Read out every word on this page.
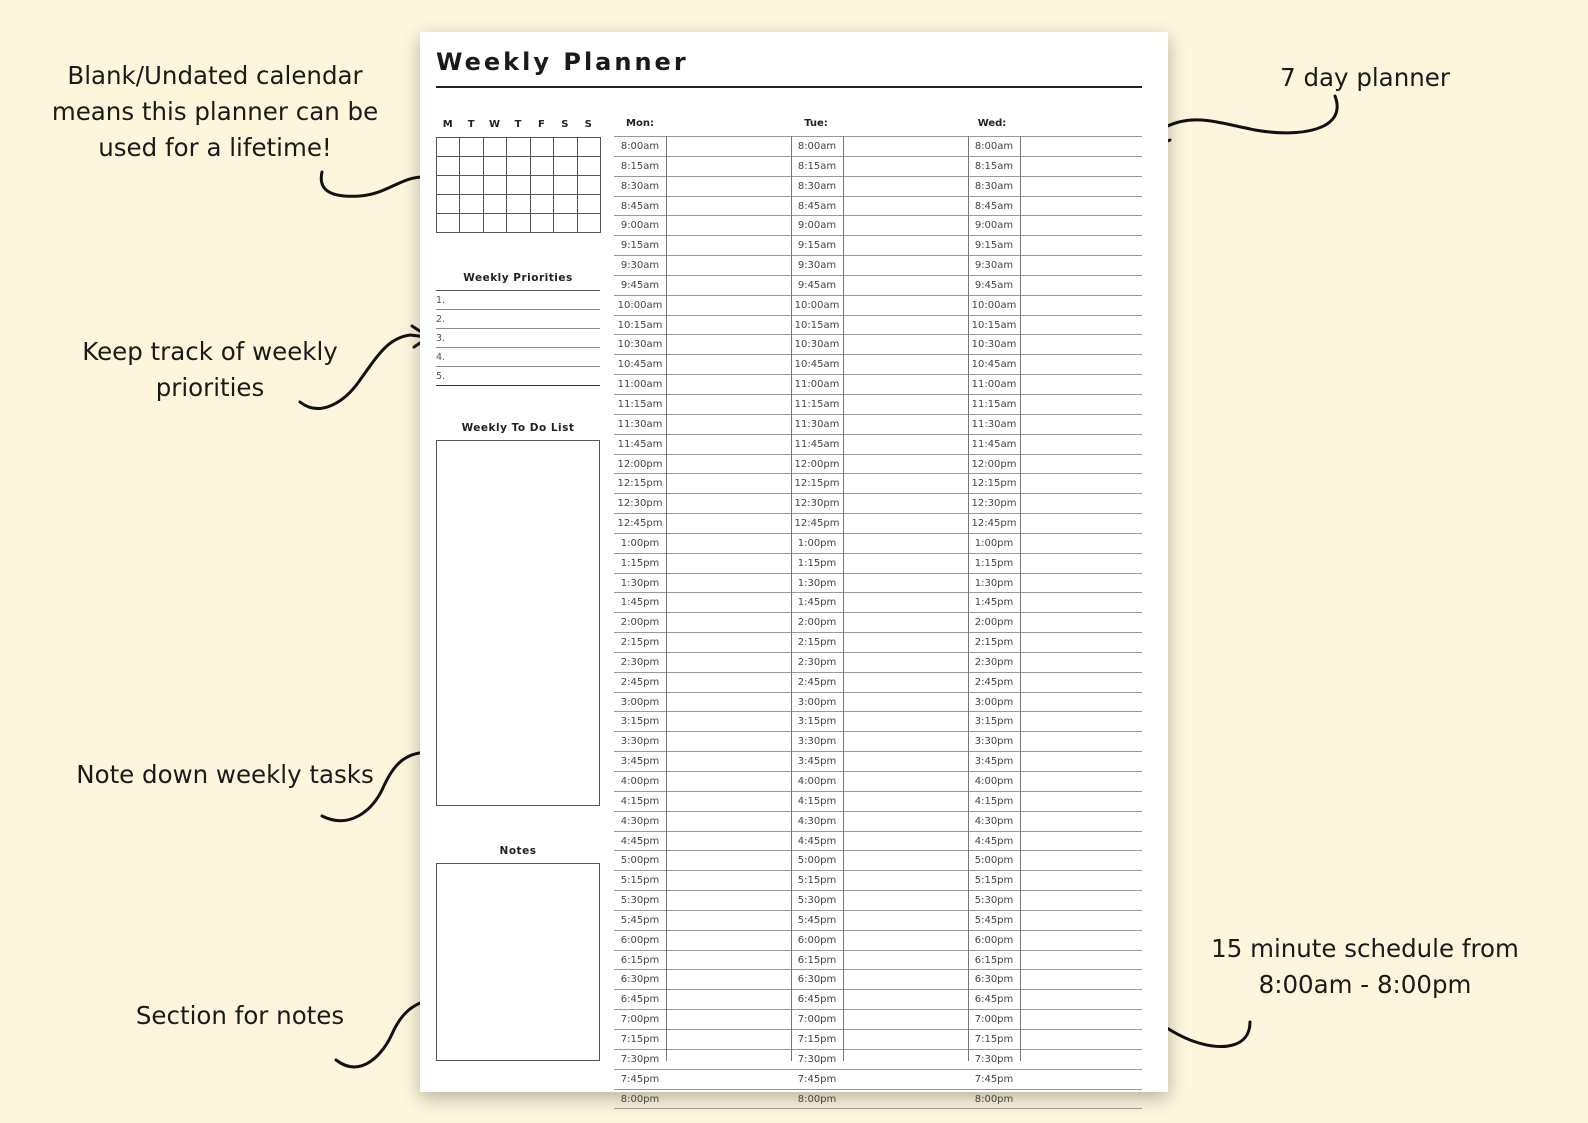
Blank/Undated calendar means this planner can be used for a lifetime!
7 day planner
Keep track of weekly priorities
Note down weekly tasks
15 minute schedule from 8:00am - 8:00pm
Section for notes
Weekly Planner
M	T	W	T	F	S	S
Weekly Priorities
1.
2.
3.
4.
5.
Weekly To Do List
Notes
Mon:	Tue:	Wed:
8:00am	8:00am	8:00am
8:15am	8:15am	8:15am
8:30am	8:30am	8:30am
8:45am	8:45am	8:45am
9:00am	9:00am	9:00am
9:15am	9:15am	9:15am
9:30am	9:30am	9:30am
9:45am	9:45am	9:45am
10:00am	10:00am	10:00am
10:15am	10:15am	10:15am
10:30am	10:30am	10:30am
10:45am	10:45am	10:45am
11:00am	11:00am	11:00am
11:15am	11:15am	11:15am
11:30am	11:30am	11:30am
11:45am	11:45am	11:45am
12:00pm	12:00pm	12:00pm
12:15pm	12:15pm	12:15pm
12:30pm	12:30pm	12:30pm
12:45pm	12:45pm	12:45pm
1:00pm	1:00pm	1:00pm
1:15pm	1:15pm	1:15pm
1:30pm	1:30pm	1:30pm
1:45pm	1:45pm	1:45pm
2:00pm	2:00pm	2:00pm
2:15pm	2:15pm	2:15pm
2:30pm	2:30pm	2:30pm
2:45pm	2:45pm	2:45pm
3:00pm	3:00pm	3:00pm
3:15pm	3:15pm	3:15pm
3:30pm	3:30pm	3:30pm
3:45pm	3:45pm	3:45pm
4:00pm	4:00pm	4:00pm
4:15pm	4:15pm	4:15pm
4:30pm	4:30pm	4:30pm
4:45pm	4:45pm	4:45pm
5:00pm	5:00pm	5:00pm
5:15pm	5:15pm	5:15pm
5:30pm	5:30pm	5:30pm
5:45pm	5:45pm	5:45pm
6:00pm	6:00pm	6:00pm
6:15pm	6:15pm	6:15pm
6:30pm	6:30pm	6:30pm
6:45pm	6:45pm	6:45pm
7:00pm	7:00pm	7:00pm
7:15pm	7:15pm	7:15pm
7:30pm	7:30pm	7:30pm
7:45pm	7:45pm	7:45pm
8:00pm	8:00pm	8:00pm
